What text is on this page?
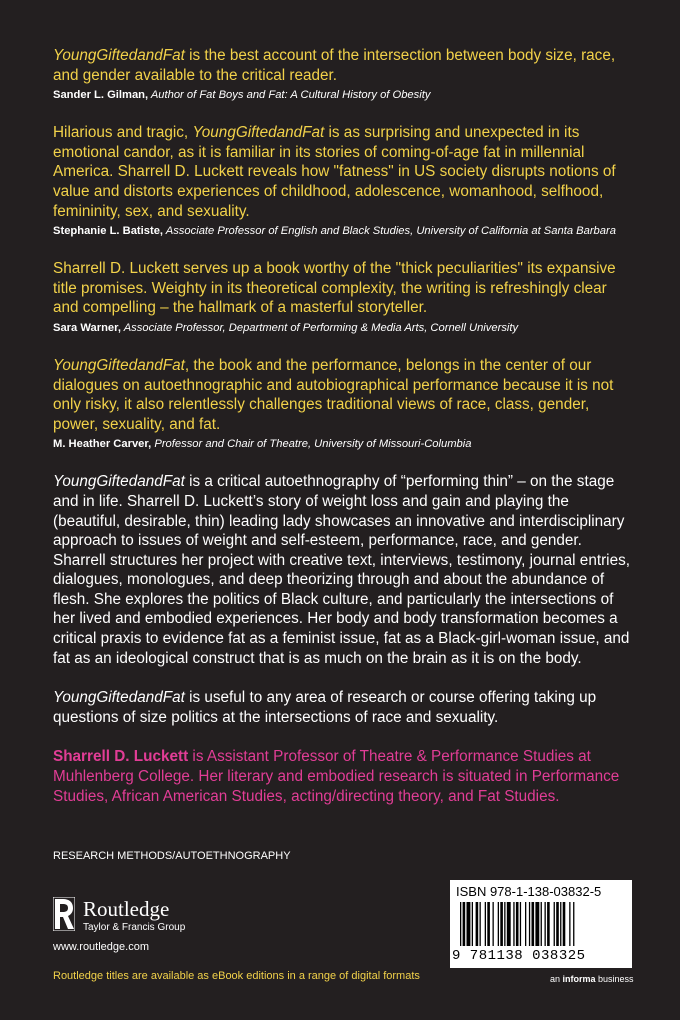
YoungGiftedandFat is the best account of the intersection between body size, race, and gender available to the critical reader.

Sander L. Gilman, Author of Fat Boys and Fat: A Cultural History of Obesity

Hilarious and tragic, YoungGiftedandFat is as surprising and unexpected in its emotional candor, as it is familiar in its stories of coming-of-age fat in millennial America. Sharrell D. Luckett reveals how "fatness" in US society disrupts notions of value and distorts experiences of childhood, adolescence, womanhood, selfhood, femininity, sex, and sexuality.

Stephanie L. Batiste, Associate Professor of English and Black Studies, University of California at Santa Barbara

Sharrell D. Luckett serves up a book worthy of the "thick peculiarities" its expansive title promises. Weighty in its theoretical complexity, the writing is refreshingly clear and compelling – the hallmark of a masterful storyteller.

Sara Warner, Associate Professor, Department of Performing & Media Arts, Cornell University

YoungGiftedandFat, the book and the performance, belongs in the center of our dialogues on autoethnographic and autobiographical performance because it is not only risky, it also relentlessly challenges traditional views of race, class, gender, power, sexuality, and fat.

M. Heather Carver, Professor and Chair of Theatre, University of Missouri-Columbia

YoungGiftedandFat is a critical autoethnography of “performing thin” – on the stage and in life. Sharrell D. Luckett’s story of weight loss and gain and playing the (beautiful, desirable, thin) leading lady showcases an innovative and interdisciplinary approach to issues of weight and self-esteem, performance, race, and gender. Sharrell structures her project with creative text, interviews, testimony, journal entries, dialogues, monologues, and deep theorizing through and about the abundance of flesh. She explores the politics of Black culture, and particularly the intersections of her lived and embodied experiences. Her body and body transformation becomes a critical praxis to evidence fat as a feminist issue, fat as a Black-girl-woman issue, and fat as an ideological construct that is as much on the brain as it is on the body.

YoungGiftedandFat is useful to any area of research or course offering taking up questions of size politics at the intersections of race and sexuality.

Sharrell D. Luckett is Assistant Professor of Theatre & Performance Studies at Muhlenberg College. Her literary and embodied research is situated in Performance Studies, African American Studies, acting/directing theory, and Fat Studies.

RESEARCH METHODS/AUTOETHNOGRAPHY

Routledge
Taylor & Francis Group
www.routledge.com
Routledge titles are available as eBook editions in a range of digital formats
ISBN 978-1-138-03832-5
9 781138 038325
an informa business
